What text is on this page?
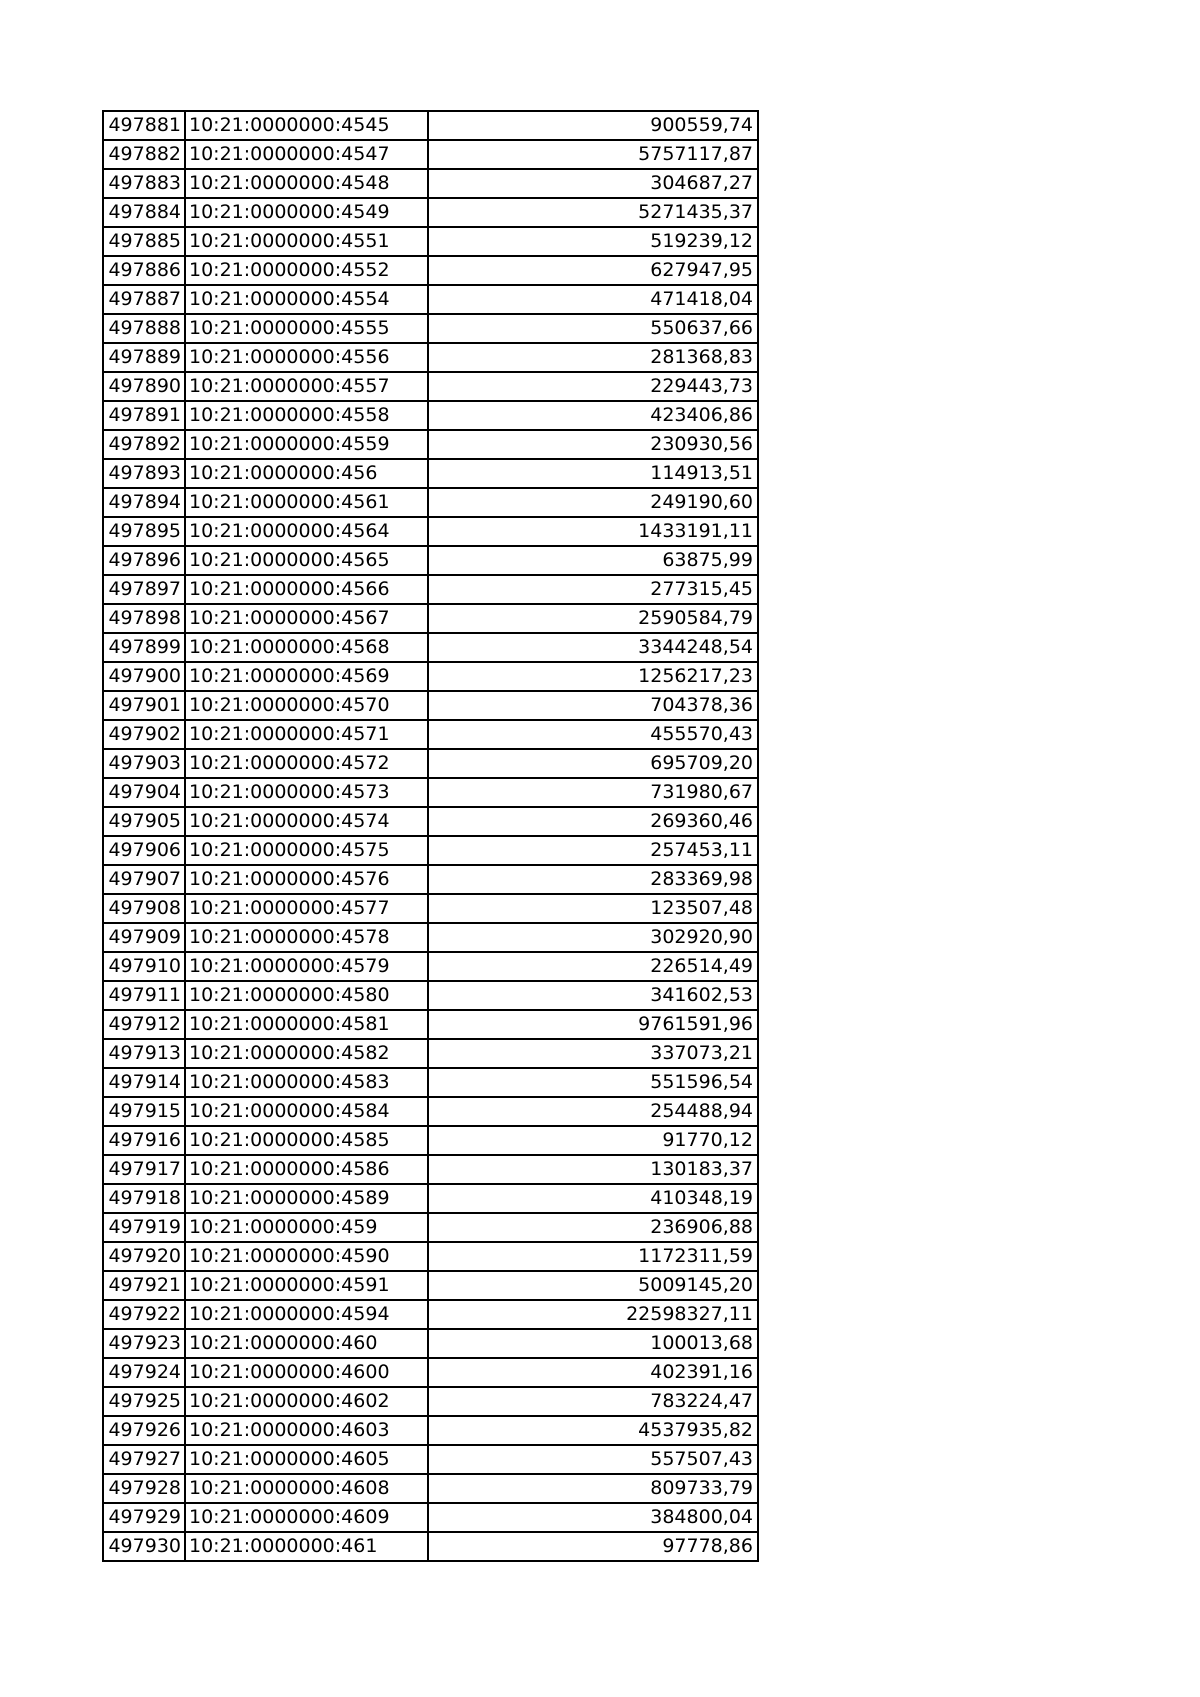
497881	10:21:0000000:4545	900559,74
497882	10:21:0000000:4547	5757117,87
497883	10:21:0000000:4548	304687,27
497884	10:21:0000000:4549	5271435,37
497885	10:21:0000000:4551	519239,12
497886	10:21:0000000:4552	627947,95
497887	10:21:0000000:4554	471418,04
497888	10:21:0000000:4555	550637,66
497889	10:21:0000000:4556	281368,83
497890	10:21:0000000:4557	229443,73
497891	10:21:0000000:4558	423406,86
497892	10:21:0000000:4559	230930,56
497893	10:21:0000000:456	114913,51
497894	10:21:0000000:4561	249190,60
497895	10:21:0000000:4564	1433191,11
497896	10:21:0000000:4565	63875,99
497897	10:21:0000000:4566	277315,45
497898	10:21:0000000:4567	2590584,79
497899	10:21:0000000:4568	3344248,54
497900	10:21:0000000:4569	1256217,23
497901	10:21:0000000:4570	704378,36
497902	10:21:0000000:4571	455570,43
497903	10:21:0000000:4572	695709,20
497904	10:21:0000000:4573	731980,67
497905	10:21:0000000:4574	269360,46
497906	10:21:0000000:4575	257453,11
497907	10:21:0000000:4576	283369,98
497908	10:21:0000000:4577	123507,48
497909	10:21:0000000:4578	302920,90
497910	10:21:0000000:4579	226514,49
497911	10:21:0000000:4580	341602,53
497912	10:21:0000000:4581	9761591,96
497913	10:21:0000000:4582	337073,21
497914	10:21:0000000:4583	551596,54
497915	10:21:0000000:4584	254488,94
497916	10:21:0000000:4585	91770,12
497917	10:21:0000000:4586	130183,37
497918	10:21:0000000:4589	410348,19
497919	10:21:0000000:459	236906,88
497920	10:21:0000000:4590	1172311,59
497921	10:21:0000000:4591	5009145,20
497922	10:21:0000000:4594	22598327,11
497923	10:21:0000000:460	100013,68
497924	10:21:0000000:4600	402391,16
497925	10:21:0000000:4602	783224,47
497926	10:21:0000000:4603	4537935,82
497927	10:21:0000000:4605	557507,43
497928	10:21:0000000:4608	809733,79
497929	10:21:0000000:4609	384800,04
497930	10:21:0000000:461	97778,86
